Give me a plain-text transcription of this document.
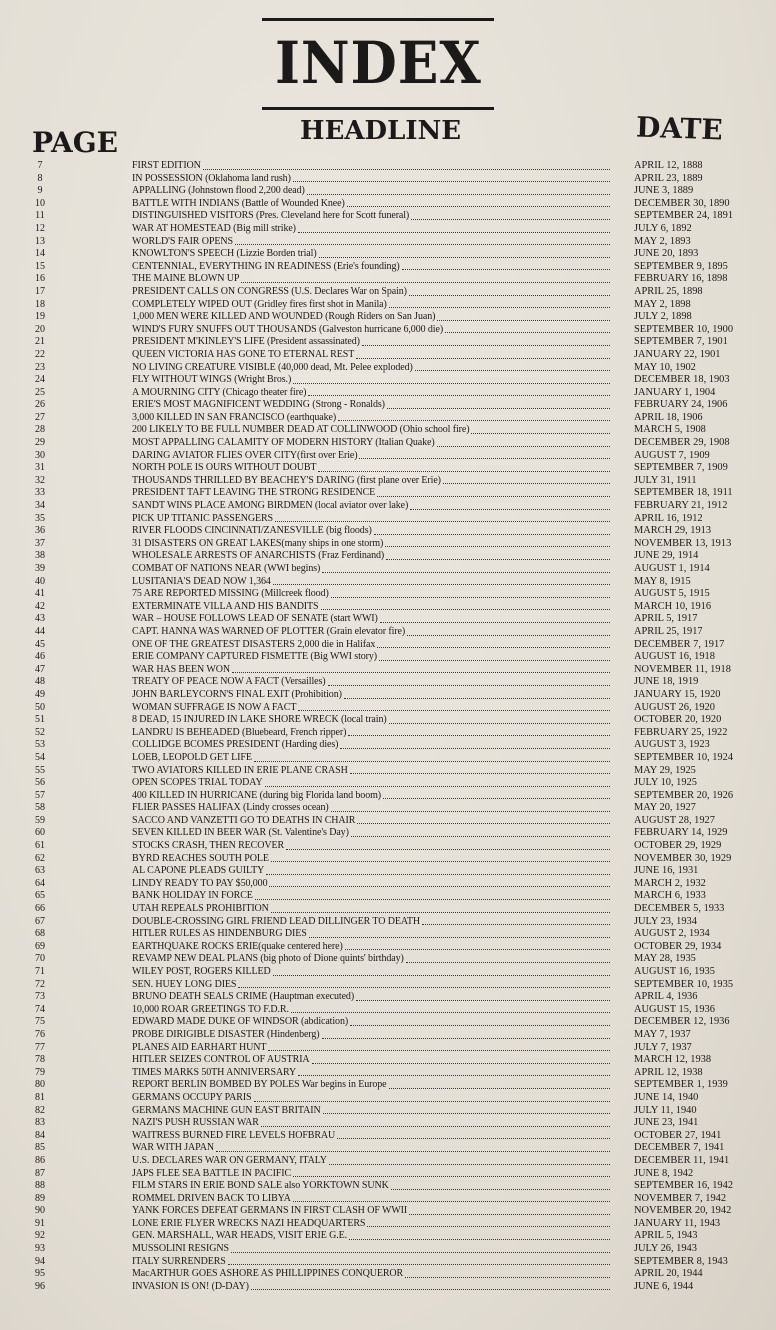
INDEX
PAGE	HEADLINE	DATE
7	FIRST EDITION	APRIL 12, 1888
8	IN POSSESSION (Oklahoma land rush)	APRIL 23, 1889
9	APPALLING (Johnstown flood 2,200 dead)	JUNE 3, 1889
10	BATTLE WITH INDIANS (Battle of Wounded Knee)	DECEMBER 30, 1890
11	DISTINGUISHED VISITORS (Pres. Cleveland here for Scott funeral)	SEPTEMBER 24, 1891
12	WAR AT HOMESTEAD (Big mill strike)	JULY 6, 1892
13	WORLD'S FAIR OPENS	MAY 2, 1893
14	KNOWLTON'S SPEECH (Lizzie Borden trial)	JUNE 20, 1893
15	CENTENNIAL, EVERYTHING IN READINESS (Erie's founding)	SEPTEMBER 9, 1895
16	THE MAINE BLOWN UP	FEBRUARY 16, 1898
17	PRESIDENT CALLS ON CONGRESS (U.S. Declares War on Spain)	APRIL 25, 1898
18	COMPLETELY WIPED OUT (Gridley fires first shot in Manila)	MAY 2, 1898
19	1,000 MEN WERE KILLED AND WOUNDED (Rough Riders on San Juan)	JULY 2, 1898
20	WIND'S FURY SNUFFS OUT THOUSANDS (Galveston hurricane 6,000 die)	SEPTEMBER 10, 1900
21	PRESIDENT M'KINLEY'S LIFE (President assassinated)	SEPTEMBER 7, 1901
22	QUEEN VICTORIA HAS GONE TO ETERNAL REST	JANUARY 22, 1901
23	NO LIVING CREATURE VISIBLE (40,000 dead, Mt. Pelee exploded)	MAY 10, 1902
24	FLY WITHOUT WINGS (Wright Bros.)	DECEMBER 18, 1903
25	A MOURNING CITY (Chicago theater fire)	JANUARY 1, 1904
26	ERIE'S MOST MAGNIFICENT WEDDING (Strong - Ronalds)	FEBRUARY 24, 1906
27	3,000 KILLED IN SAN FRANCISCO (earthquake)	APRIL 18, 1906
28	200 LIKELY TO BE FULL NUMBER DEAD AT COLLINWOOD (Ohio school fire)	MARCH 5, 1908
29	MOST APPALLING CALAMITY OF MODERN HISTORY (Italian Quake)	DECEMBER 29, 1908
30	DARING AVIATOR FLIES OVER CITY(first over Erie)	AUGUST 7, 1909
31	NORTH POLE IS OURS WITHOUT DOUBT	SEPTEMBER 7, 1909
32	THOUSANDS THRILLED BY BEACHEY'S DARING (first plane over Erie)	JULY 31, 1911
33	PRESIDENT TAFT LEAVING THE STRONG RESIDENCE	SEPTEMBER 18, 1911
34	SANDT WINS PLACE AMONG BIRDMEN (local aviator over lake)	FEBRUARY 21, 1912
35	PICK UP TITANIC PASSENGERS	APRIL 16, 1912
36	RIVER FLOODS CINCINNATI/ZANESVILLE (big floods)	MARCH 29, 1913
37	31 DISASTERS ON GREAT LAKES(many ships in one storm)	NOVEMBER 13, 1913
38	WHOLESALE ARRESTS OF ANARCHISTS (Fraz Ferdinand)	JUNE 29, 1914
39	COMBAT OF NATIONS NEAR (WWI begins)	AUGUST 1, 1914
40	LUSITANIA'S DEAD NOW 1,364	MAY 8, 1915
41	75 ARE REPORTED MISSING (Millcreek flood)	AUGUST 5, 1915
42	EXTERMINATE VILLA AND HIS BANDITS	MARCH 10, 1916
43	WAR – HOUSE FOLLOWS LEAD OF SENATE (start WWI)	APRIL 5, 1917
44	CAPT. HANNA WAS WARNED OF PLOTTER (Grain elevator fire)	APRIL 25, 1917
45	ONE OF THE GREATEST DISASTERS 2,000 die in Halifax	DECEMBER 7, 1917
46	ERIE COMPANY CAPTURED FISMETTE (Big WWI story)	AUGUST 16, 1918
47	WAR HAS BEEN WON	NOVEMBER 11, 1918
48	TREATY OF PEACE NOW A FACT (Versailles)	JUNE 18, 1919
49	JOHN BARLEYCORN'S FINAL EXIT (Prohibition)	JANUARY 15, 1920
50	WOMAN SUFFRAGE IS NOW A FACT	AUGUST 26, 1920
51	8 DEAD, 15 INJURED IN LAKE SHORE WRECK (local train)	OCTOBER 20, 1920
52	LANDRU IS BEHEADED (Bluebeard, French ripper)	FEBRUARY 25, 1922
53	COLLIDGE BCOMES PRESIDENT (Harding dies)	AUGUST 3, 1923
54	LOEB, LEOPOLD GET LIFE	SEPTEMBER 10, 1924
55	TWO AVIATORS KILLED IN ERIE PLANE CRASH	MAY 29, 1925
56	OPEN SCOPES TRIAL TODAY	JULY 10, 1925
57	400 KILLED IN HURRICANE (during big Florida land boom)	SEPTEMBER 20, 1926
58	FLIER PASSES HALIFAX (Lindy crosses ocean)	MAY 20, 1927
59	SACCO AND VANZETTI GO TO DEATHS IN CHAIR	AUGUST 28, 1927
60	SEVEN KILLED IN BEER WAR (St. Valentine's Day)	FEBRUARY 14, 1929
61	STOCKS CRASH, THEN RECOVER	OCTOBER 29, 1929
62	BYRD REACHES SOUTH POLE	NOVEMBER 30, 1929
63	AL CAPONE PLEADS GUILTY	JUNE 16, 1931
64	LINDY READY TO PAY $50,000	MARCH 2, 1932
65	BANK HOLIDAY IN FORCE	MARCH 6, 1933
66	UTAH REPEALS PROHIBITION	DECEMBER 5, 1933
67	DOUBLE-CROSSING GIRL FRIEND LEAD DILLINGER TO DEATH	JULY 23, 1934
68	HITLER RULES AS HINDENBURG DIES	AUGUST 2, 1934
69	EARTHQUAKE ROCKS ERIE(quake centered here)	OCTOBER 29, 1934
70	REVAMP NEW DEAL PLANS (big photo of Dione quints' birthday)	MAY 28, 1935
71	WILEY POST, ROGERS KILLED	AUGUST 16, 1935
72	SEN. HUEY LONG DIES	SEPTEMBER 10, 1935
73	BRUNO DEATH SEALS CRIME (Hauptman executed)	APRIL 4, 1936
74	10,000 ROAR GREETINGS TO F.D.R.	AUGUST 15, 1936
75	EDWARD MADE DUKE OF WINDSOR (abdication)	DECEMBER 12, 1936
76	PROBE DIRIGIBLE DISASTER (Hindenberg)	MAY 7, 1937
77	PLANES AID EARHART HUNT	JULY 7, 1937
78	HITLER SEIZES CONTROL OF AUSTRIA	MARCH 12, 1938
79	TIMES MARKS 50TH ANNIVERSARY	APRIL 12, 1938
80	REPORT BERLIN BOMBED BY POLES War begins in Europe	SEPTEMBER 1, 1939
81	GERMANS OCCUPY PARIS	JUNE 14, 1940
82	GERMANS MACHINE GUN EAST BRITAIN	JULY 11, 1940
83	NAZI'S PUSH RUSSIAN WAR	JUNE 23, 1941
84	WAITRESS BURNED FIRE LEVELS HOFBRAU	OCTOBER 27, 1941
85	WAR WITH JAPAN	DECEMBER 7, 1941
86	U.S. DECLARES WAR ON GERMANY, ITALY	DECEMBER 11, 1941
87	JAPS FLEE SEA BATTLE IN PACIFIC	JUNE 8, 1942
88	FILM STARS IN ERIE BOND SALE also YORKTOWN SUNK	SEPTEMBER 16, 1942
89	ROMMEL DRIVEN BACK TO LIBYA	NOVEMBER 7, 1942
90	YANK FORCES DEFEAT GERMANS IN FIRST CLASH OF WWII	NOVEMBER 20, 1942
91	LONE ERIE FLYER WRECKS NAZI HEADQUARTERS	JANUARY 11, 1943
92	GEN. MARSHALL, WAR HEADS, VISIT ERIE G.E.	APRIL 5, 1943
93	MUSSOLINI RESIGNS	JULY 26, 1943
94	ITALY SURRENDERS	SEPTEMBER 8, 1943
95	MacARTHUR GOES ASHORE AS PHILLIPPINES CONQUEROR	APRIL 20, 1944
96	INVASION IS ON! (D-DAY)	JUNE 6, 1944
